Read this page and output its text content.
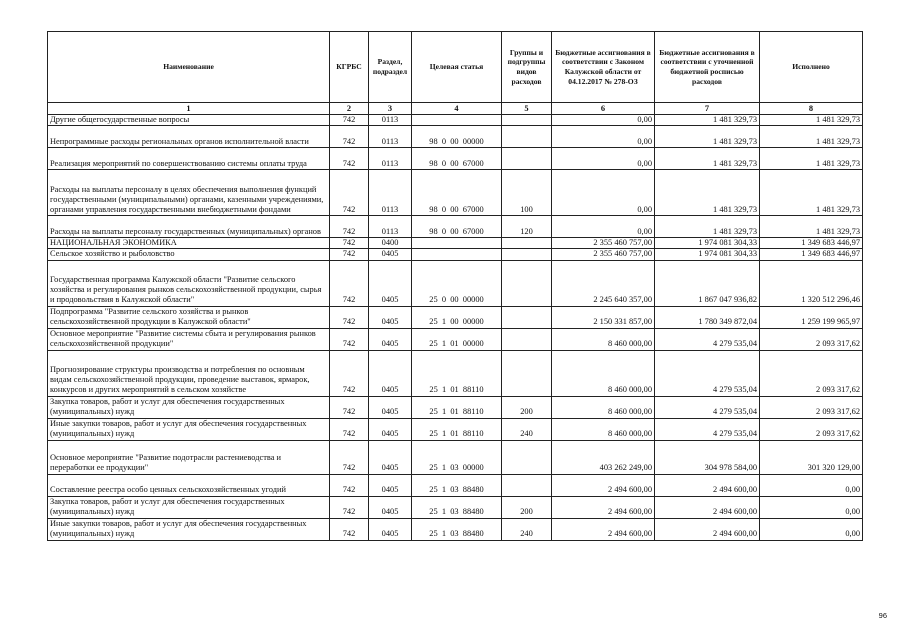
Наименование	КГРБС	Раздел, подраздел	Целевая статья	Группы и подгруппы видов расходов	Бюджетные ассигнования в соответствии с Законом Калужской области от 04.12.2017 № 278-ОЗ	Бюджетные ассигнования в соответствии с уточненной бюджетной росписью расходов	Исполнено
1	2	3	4	5	6	7	8
Другие общегосударственные вопросы	742	0113			0,00	1 481 329,73	1 481 329,73
Непрограммные расходы региональных органов исполнительной власти	742	0113	98  0  00  00000		0,00	1 481 329,73	1 481 329,73
Реализация мероприятий по совершенствованию системы оплаты труда	742	0113	98  0  00  67000		0,00	1 481 329,73	1 481 329,73
Расходы на выплаты персоналу в целях обеспечения выполнения функций государственными (муниципальными) органами, казенными учреждениями, органами управления государственными внебюджетными фондами	742	0113	98  0  00  67000	100	0,00	1 481 329,73	1 481 329,73
Расходы на выплаты персоналу государственных (муниципальных) органов	742	0113	98  0  00  67000	120	0,00	1 481 329,73	1 481 329,73
НАЦИОНАЛЬНАЯ ЭКОНОМИКА	742	0400			2 355 460 757,00	1 974 081 304,33	1 349 683 446,97
Сельское хозяйство и рыболовство	742	0405			2 355 460 757,00	1 974 081 304,33	1 349 683 446,97
Государственная программа Калужской области "Развитие сельского хозяйства и регулирования рынков сельскохозяйственной продукции, сырья и продовольствия в Калужской области"	742	0405	25  0  00  00000		2 245 640 357,00	1 867 047 936,82	1 320 512 296,46
Подпрограмма "Развитие сельского хозяйства и рынков сельскохозяйственной продукции в Калужской области"	742	0405	25  1  00  00000		2 150 331 857,00	1 780 349 872,04	1 259 199 965,97
Основное мероприятие "Развитие системы сбыта и регулирования рынков сельскохозяйственной продукции"	742	0405	25  1  01  00000		8 460 000,00	4 279 535,04	2 093 317,62
Прогнозирование структуры производства и потребления по основным видам сельскохозяйственной продукции, проведение выставок, ярмарок, конкурсов и других мероприятий в сельском хозяйстве	742	0405	25  1  01  88110		8 460 000,00	4 279 535,04	2 093 317,62
Закупка товаров, работ и услуг для обеспечения государственных (муниципальных) нужд	742	0405	25  1  01  88110	200	8 460 000,00	4 279 535,04	2 093 317,62
Иные закупки товаров, работ и услуг для обеспечения государственных (муниципальных) нужд	742	0405	25  1  01  88110	240	8 460 000,00	4 279 535,04	2 093 317,62
Основное мероприятие "Развитие подотрасли растениеводства и переработки ее продукции"	742	0405	25  1  03  00000		403 262 249,00	304 978 584,00	301 320 129,00
Составление реестра особо ценных сельскохозяйственных угодий	742	0405	25  1  03  88480		2 494 600,00	2 494 600,00	0,00
Закупка товаров, работ и услуг для обеспечения государственных (муниципальных) нужд	742	0405	25  1  03  88480	200	2 494 600,00	2 494 600,00	0,00
Иные закупки товаров, работ и услуг для обеспечения государственных (муниципальных) нужд	742	0405	25  1  03  88480	240	2 494 600,00	2 494 600,00	0,00
96
